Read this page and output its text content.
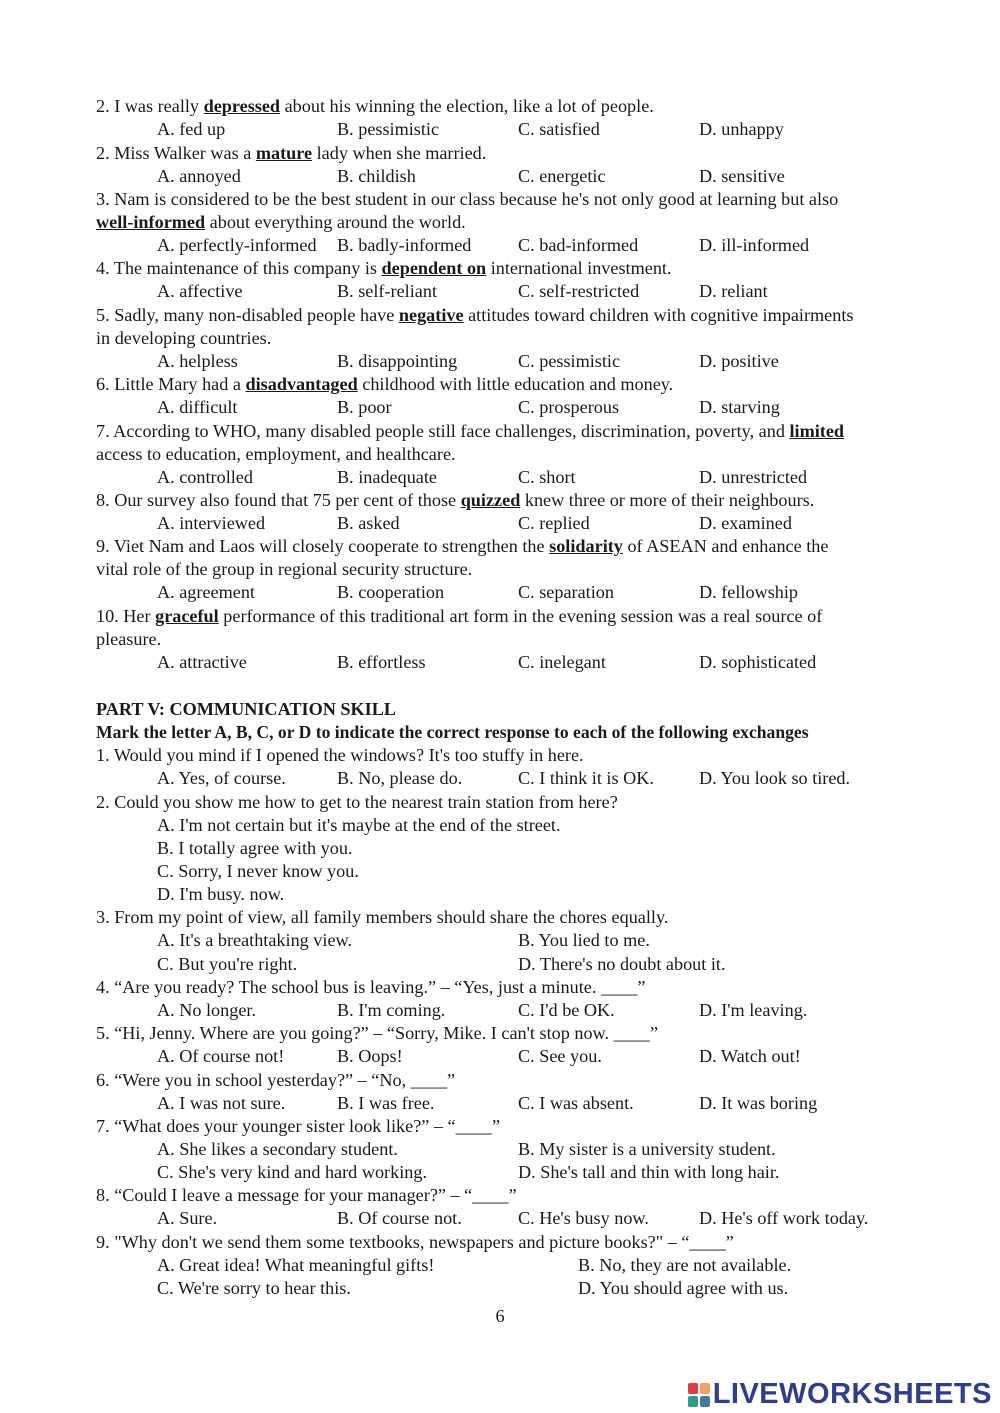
2. I was really depressed about his winning the election, like a lot of people.
A. fed up	B. pessimistic	C. satisfied	D. unhappy
2. Miss Walker was a mature lady when she married.
A. annoyed	B. childish	C. energetic	D. sensitive
3. Nam is considered to be the best student in our class because he's not only good at learning but also
well-informed about everything around the world.
A. perfectly-informed B. badly-informed	C. bad-informed	D. ill-informed
4. The maintenance of this company is dependent on international investment.
A. affective	B. self-reliant	C. self-restricted	D. reliant
5. Sadly, many non-disabled people have negative attitudes toward children with cognitive impairments
in developing countries.
A. helpless	B. disappointing	C. pessimistic	D. positive
6. Little Mary had a disadvantaged childhood with little education and money.
A. difficult	B. poor	C. prosperous	D. starving
7. According to WHO, many disabled people still face challenges, discrimination, poverty, and limited
access to education, employment, and healthcare.
A. controlled	B. inadequate	C. short	D. unrestricted
8. Our survey also found that 75 per cent of those quizzed knew three or more of their neighbours.
A. interviewed	B. asked	C. replied	D. examined
9. Viet Nam and Laos will closely cooperate to strengthen the solidarity of ASEAN and enhance the
vital role of the group in regional security structure.
A. agreement	B. cooperation	C. separation	D. fellowship
10. Her graceful performance of this traditional art form in the evening session was a real source of
pleasure.
A. attractive	B. effortless	C. inelegant	D. sophisticated
PART V: COMMUNICATION SKILL
Mark the letter A, B, C, or D to indicate the correct response to each of the following exchanges
1. Would you mind if I opened the windows? It's too stuffy in here.
A. Yes, of course.	B. No, please do.	C. I think it is OK. D. You look so tired.
2. Could you show me how to get to the nearest train station from here?
A. I'm not certain but it's maybe at the end of the street.
B. I totally agree with you.
C. Sorry, I never know you.
D. I'm busy. now.
3. From my point of view, all family members should share the chores equally.
A. It's a breathtaking view.	B. You lied to me.
C. But you're right.	D. There's no doubt about it.
4. “Are you ready? The school bus is leaving.” – “Yes, just a minute. ____”
A. No longer.	B. I'm coming.	C. I'd be OK.	D. I'm leaving.
5. “Hi, Jenny. Where are you going?” – “Sorry, Mike. I can't stop now. ____”
A. Of course not!	B. Oops!	C. See you.	D. Watch out!
6. “Were you in school yesterday?” – “No, ____”
A. I was not sure.	B. I was free.	C. I was absent.	D. It was boring
7. “What does your younger sister look like?” – “____”
A. She likes a secondary student.	B. My sister is a university student.
C. She's very kind and hard working.	D. She's tall and thin with long hair.
8. “Could I leave a message for your manager?” – “____”
A. Sure.	B. Of course not.	C. He's busy now.	D. He's off work today.
9. "Why don't we send them some textbooks, newspapers and picture books?" – “____”
A. Great idea! What meaningful gifts!	B. No, they are not available.
C. We're sorry to hear this.	D. You should agree with us.
6
LIVEWORKSHEETS
